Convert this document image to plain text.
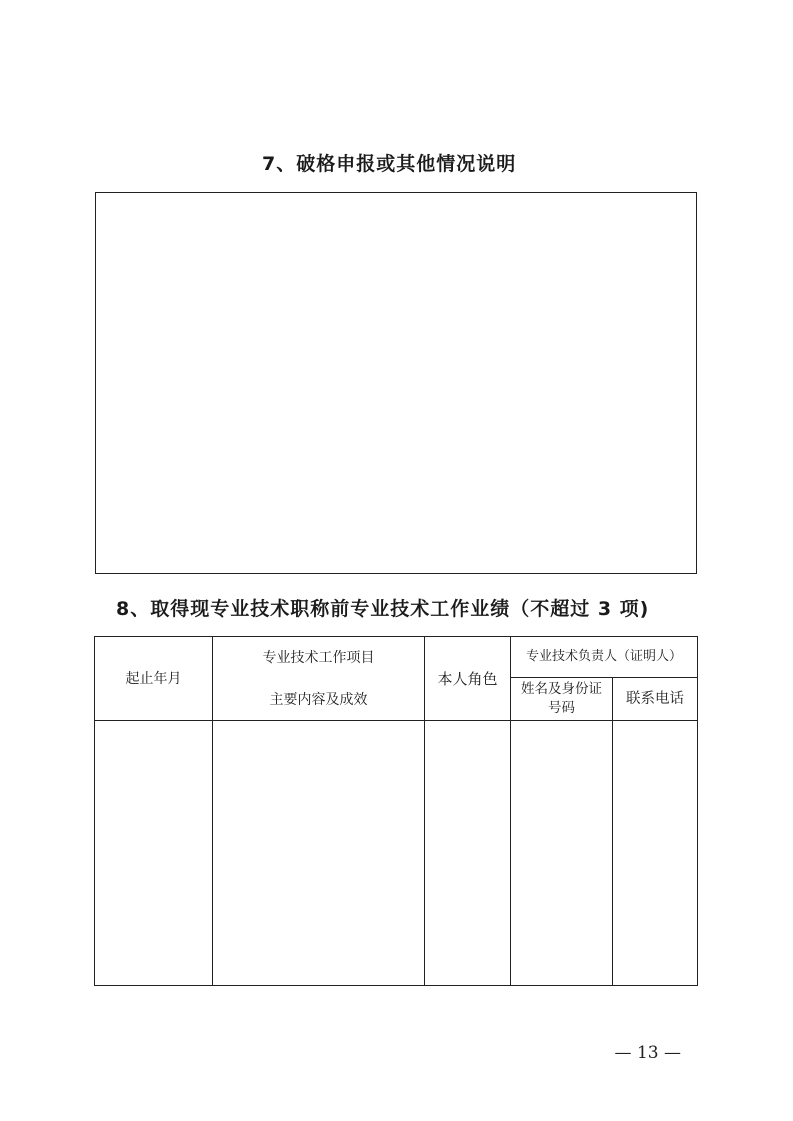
7、破格申报或其他情况说明
8、取得现专业技术职称前专业技术工作业绩（不超过 3 项)
起止年月
专业技术工作项目
主要内容及成效
本人角色
专业技术负责人（证明人）
姓名及身份证
号码
联系电话
— 13 —
